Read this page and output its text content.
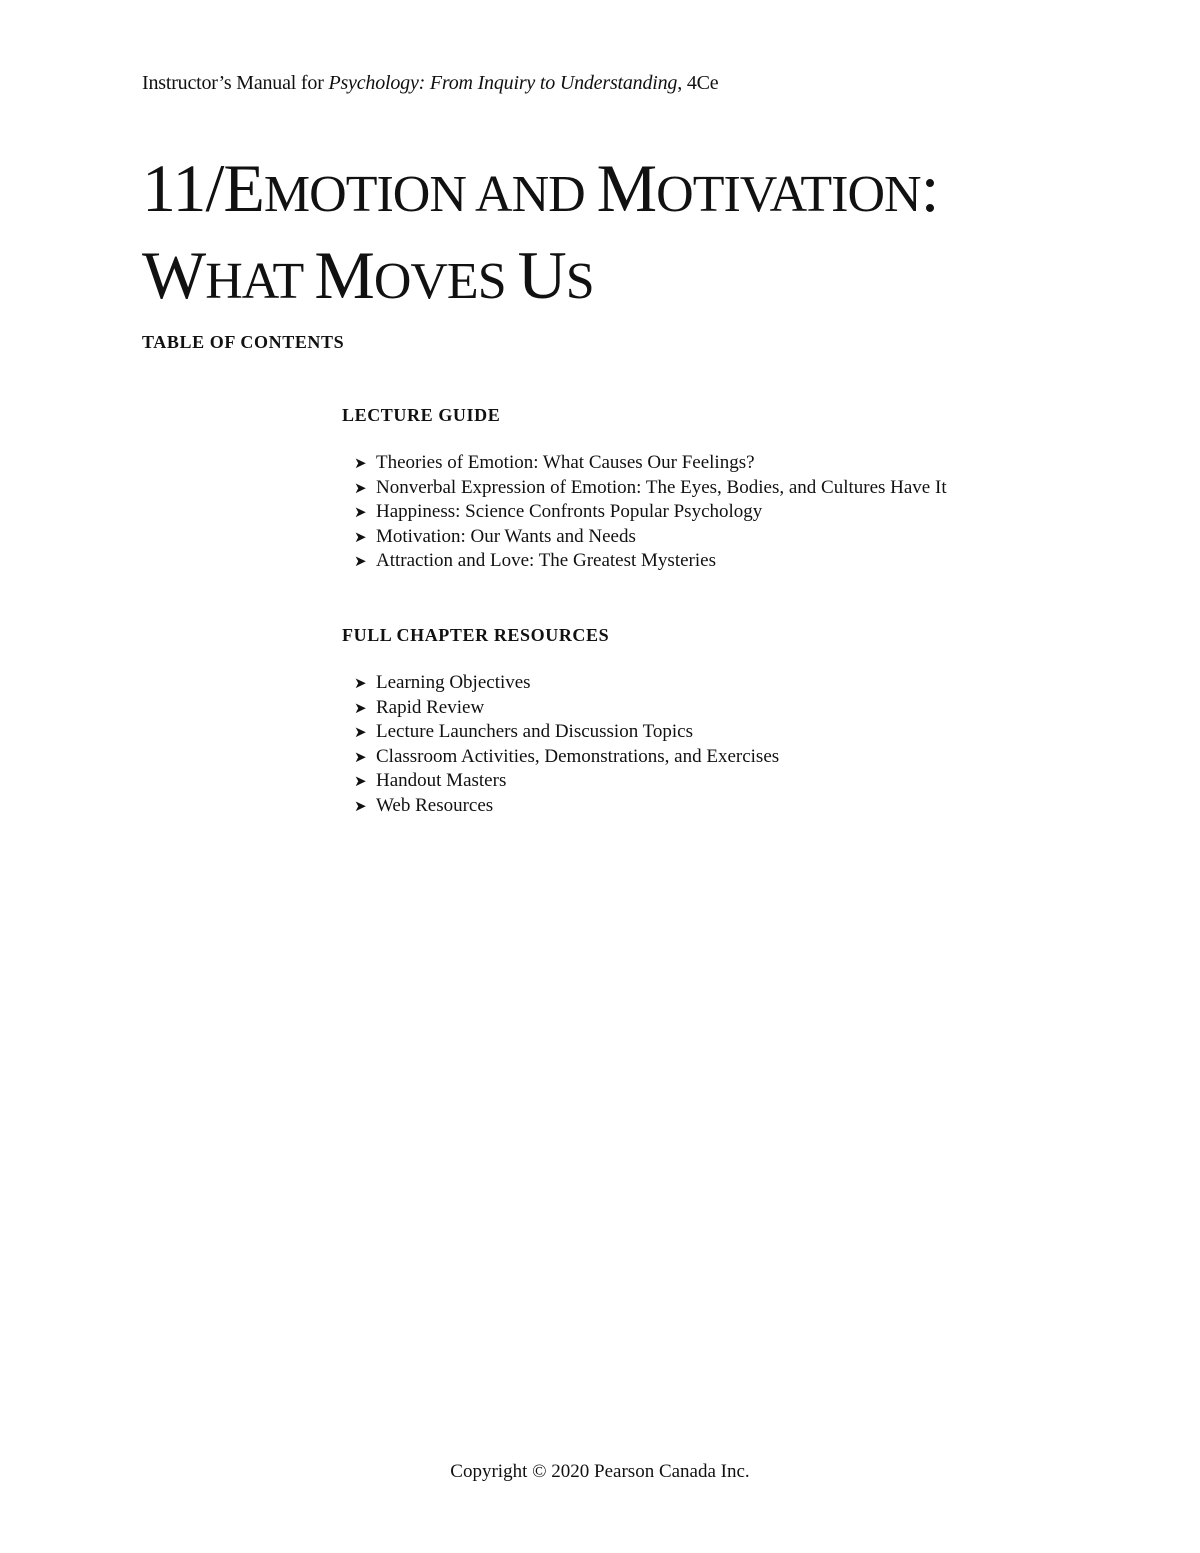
Instructor’s Manual for Psychology: From Inquiry to Understanding, 4Ce
11/EMOTION AND MOTIVATION:
WHAT MOVES US
TABLE OF CONTENTS
LECTURE GUIDE
➤ Theories of Emotion: What Causes Our Feelings?
➤ Nonverbal Expression of Emotion: The Eyes, Bodies, and Cultures Have It
➤ Happiness: Science Confronts Popular Psychology
➤ Motivation: Our Wants and Needs
➤ Attraction and Love: The Greatest Mysteries
FULL CHAPTER RESOURCES
➤ Learning Objectives
➤ Rapid Review
➤ Lecture Launchers and Discussion Topics
➤ Classroom Activities, Demonstrations, and Exercises
➤ Handout Masters
➤ Web Resources
Copyright © 2020 Pearson Canada Inc.
